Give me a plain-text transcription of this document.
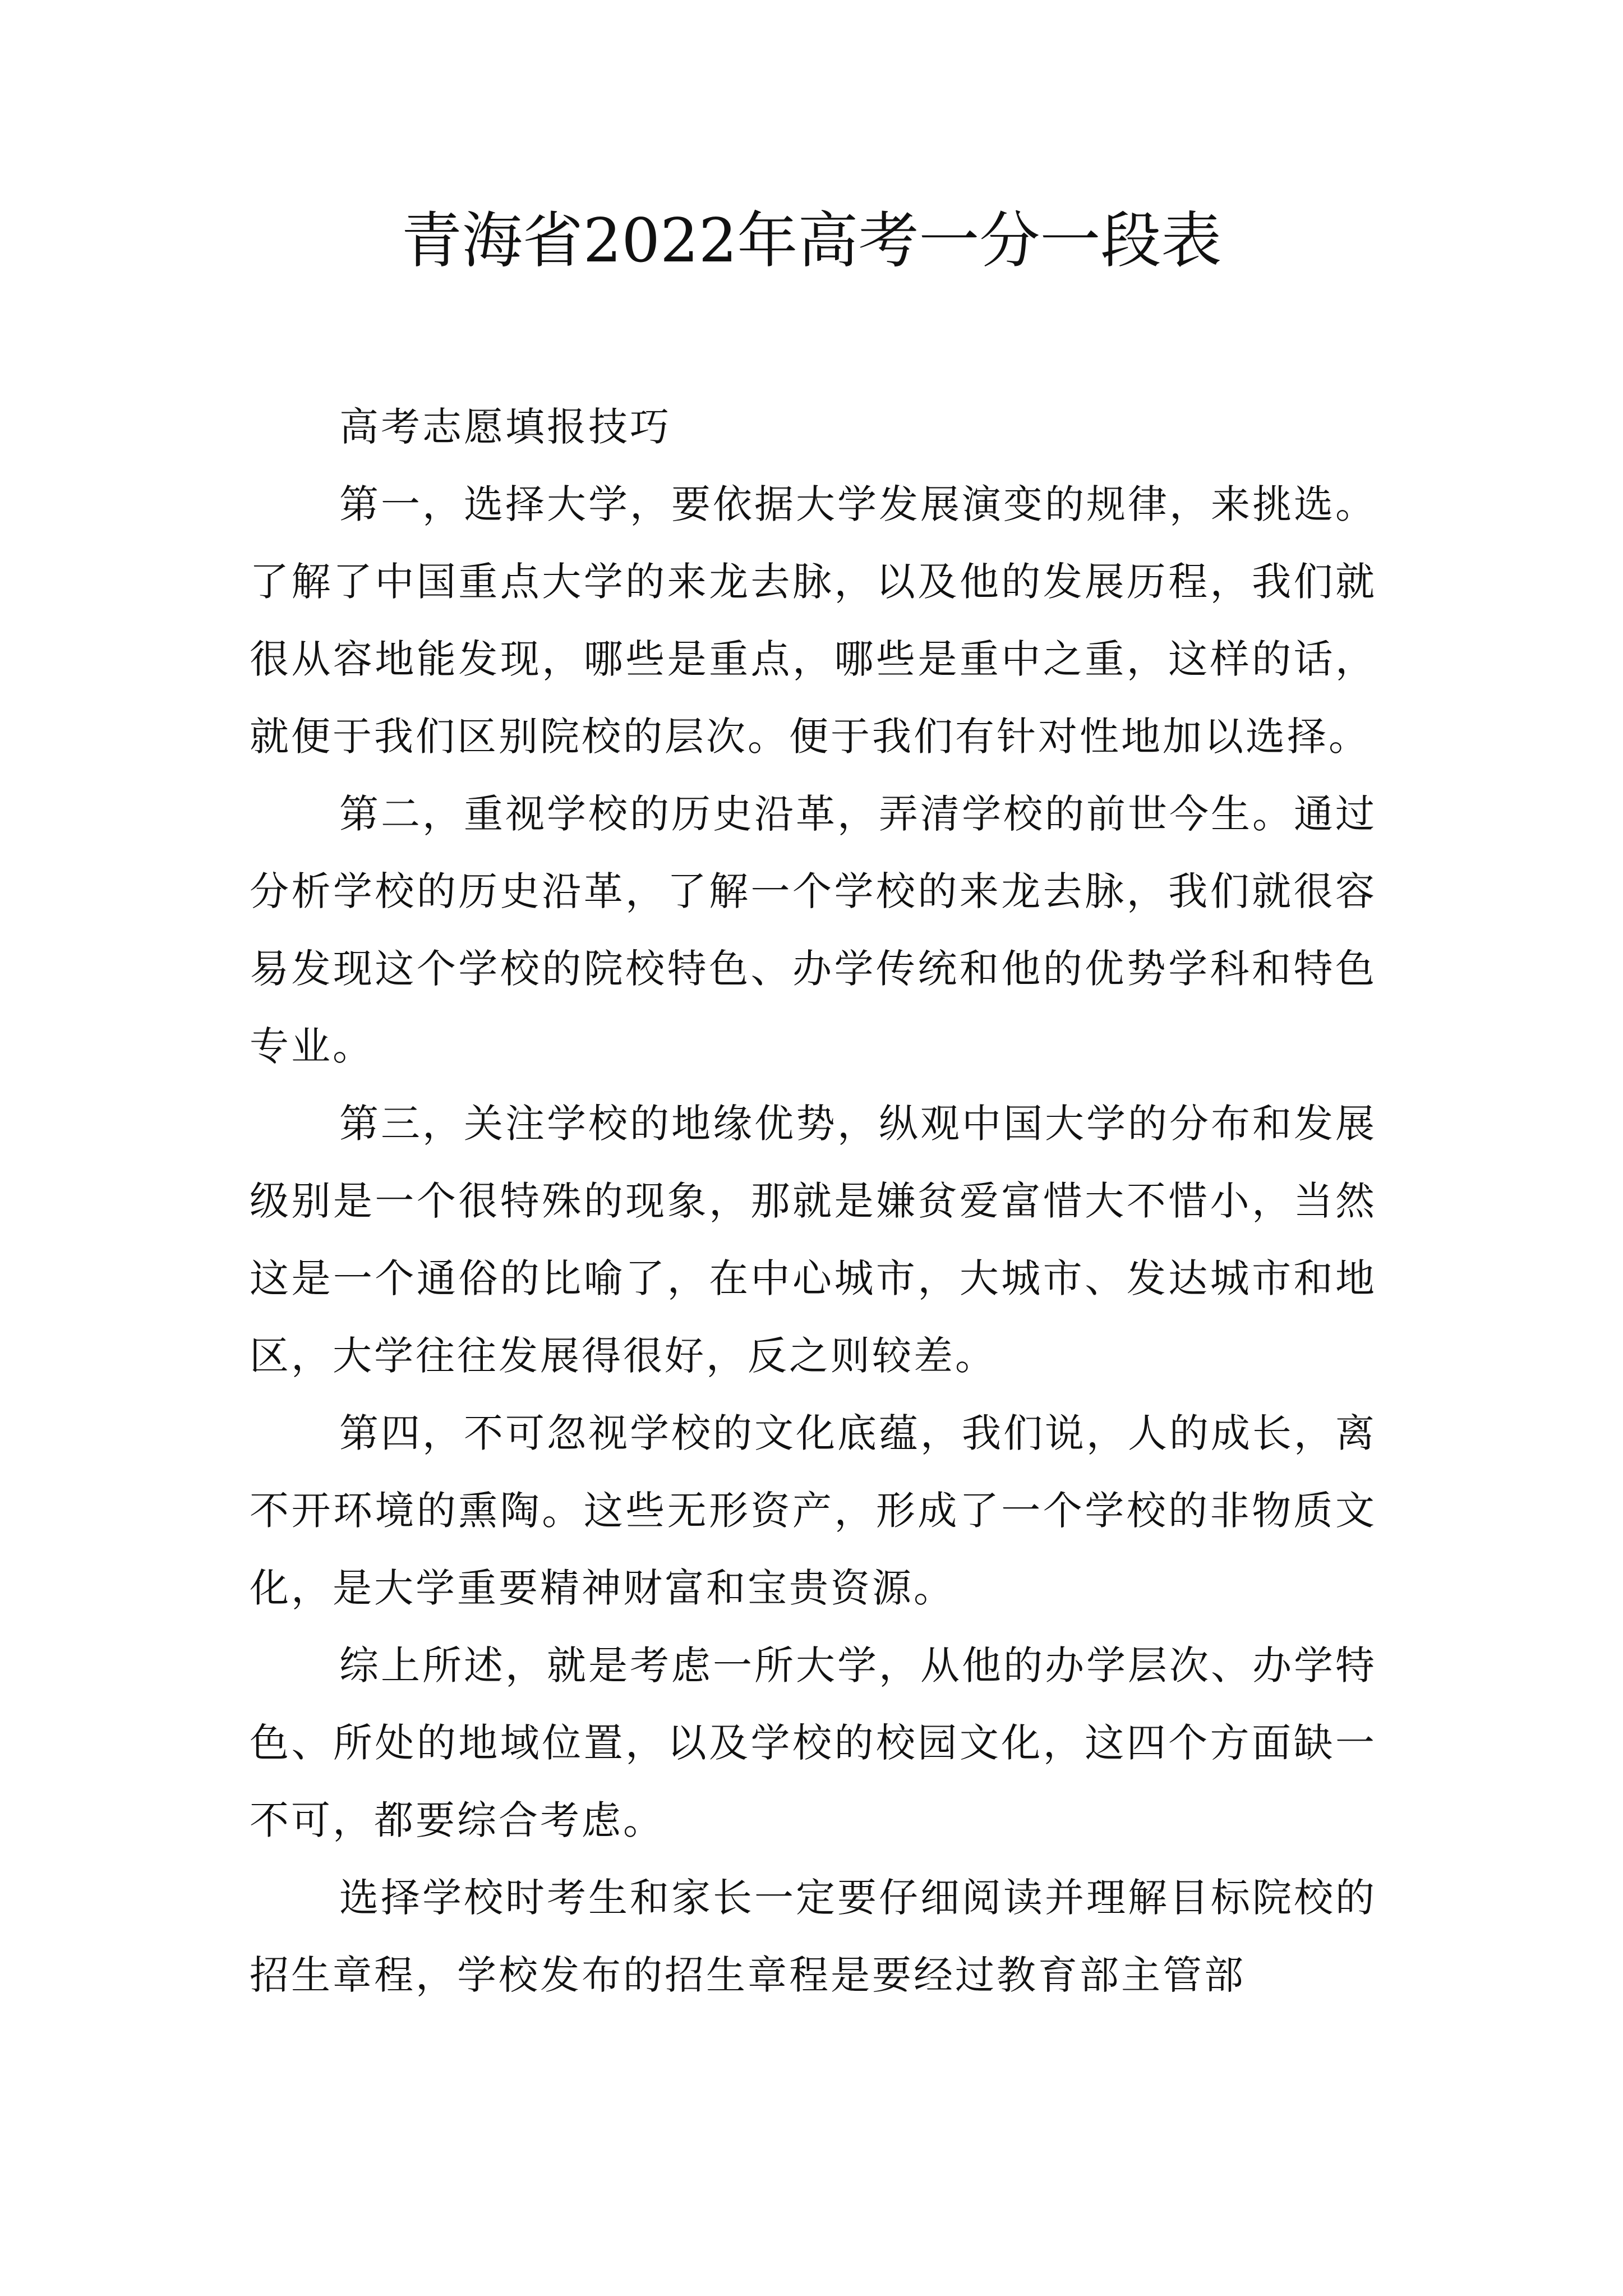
青海省2022年高考一分一段表

高考志愿填报技巧

第一，选择大学，要依据大学发展演变的规律，来挑选。了解了中国重点大学的来龙去脉，以及他的发展历程，我们就很从容地能发现，哪些是重点，哪些是重中之重，这样的话，就便于我们区别院校的层次。便于我们有针对性地加以选择。

第二，重视学校的历史沿革，弄清学校的前世今生。通过分析学校的历史沿革，了解一个学校的来龙去脉，我们就很容易发现这个学校的院校特色、办学传统和他的优势学科和特色专业。

第三，关注学校的地缘优势，纵观中国大学的分布和发展级别是一个很特殊的现象，那就是嫌贫爱富惜大不惜小，当然这是一个通俗的比喻了，在中心城市，大城市、发达城市和地区，大学往往发展得很好，反之则较差。

第四，不可忽视学校的文化底蕴，我们说，人的成长，离不开环境的熏陶。这些无形资产，形成了一个学校的非物质文化，是大学重要精神财富和宝贵资源。

综上所述，就是考虑一所大学，从他的办学层次、办学特色、所处的地域位置，以及学校的校园文化，这四个方面缺一不可，都要综合考虑。

选择学校时考生和家长一定要仔细阅读并理解目标院校的招生章程，学校发布的招生章程是要经过教育部主管部
